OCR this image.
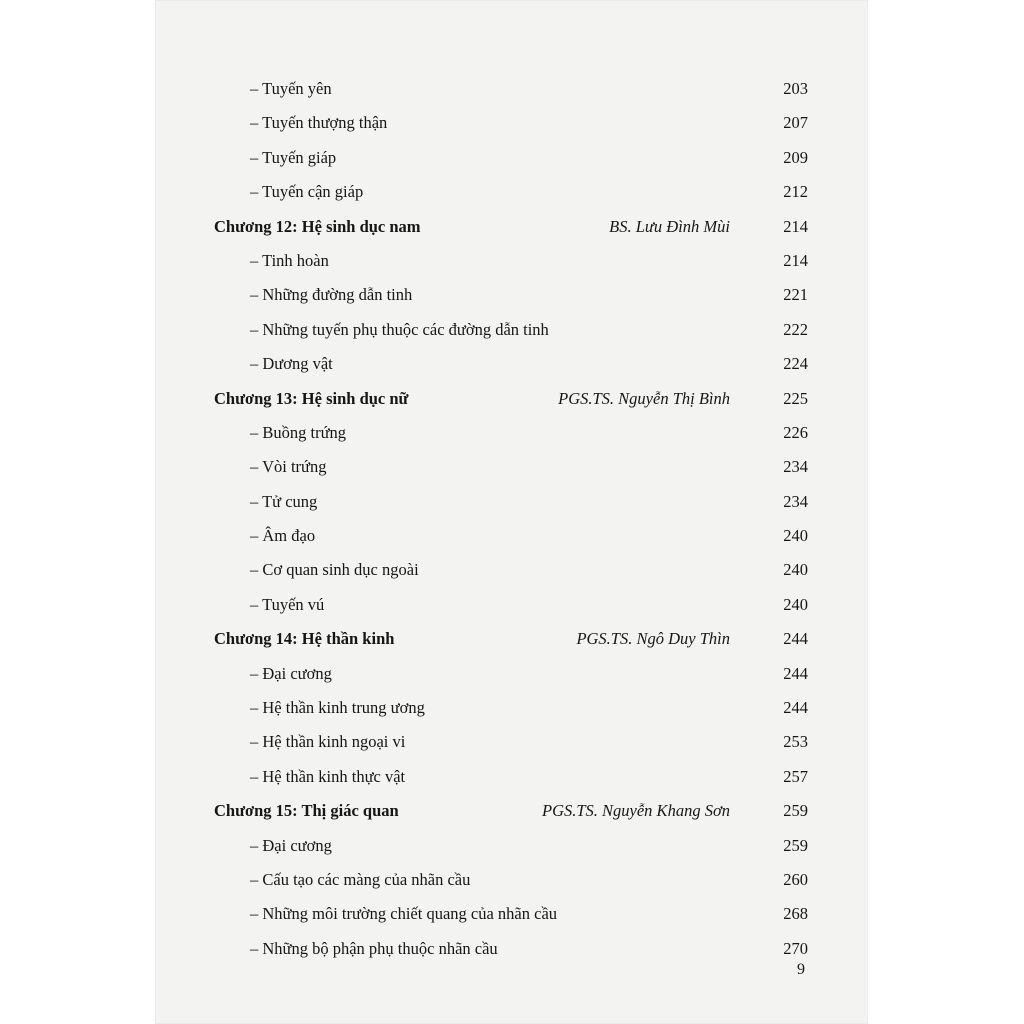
– Tuyến yên	203
– Tuyến thượng thận	207
– Tuyến giáp	209
– Tuyến cận giáp	212
Chương 12: Hệ sinh dục nam	BS. Lưu Đình Mùi	214
– Tinh hoàn	214
– Những đường dẫn tinh	221
– Những tuyến phụ thuộc các đường dẫn tinh	222
– Dương vật	224
Chương 13: Hệ sinh dục nữ	PGS.TS. Nguyễn Thị Bình	225
– Buồng trứng	226
– Vòi trứng	234
– Tử cung	234
– Âm đạo	240
– Cơ quan sinh dục ngoài	240
– Tuyến vú	240
Chương 14: Hệ thần kinh	PGS.TS. Ngô Duy Thìn	244
– Đại cương	244
– Hệ thần kinh trung ương	244
– Hệ thần kinh ngoại vi	253
– Hệ thần kinh thực vật	257
Chương 15: Thị giác quan	PGS.TS. Nguyễn Khang Sơn	259
– Đại cương	259
– Cấu tạo các màng của nhãn cầu	260
– Những môi trường chiết quang của nhãn cầu	268
– Những bộ phận phụ thuộc nhãn cầu	270
9
